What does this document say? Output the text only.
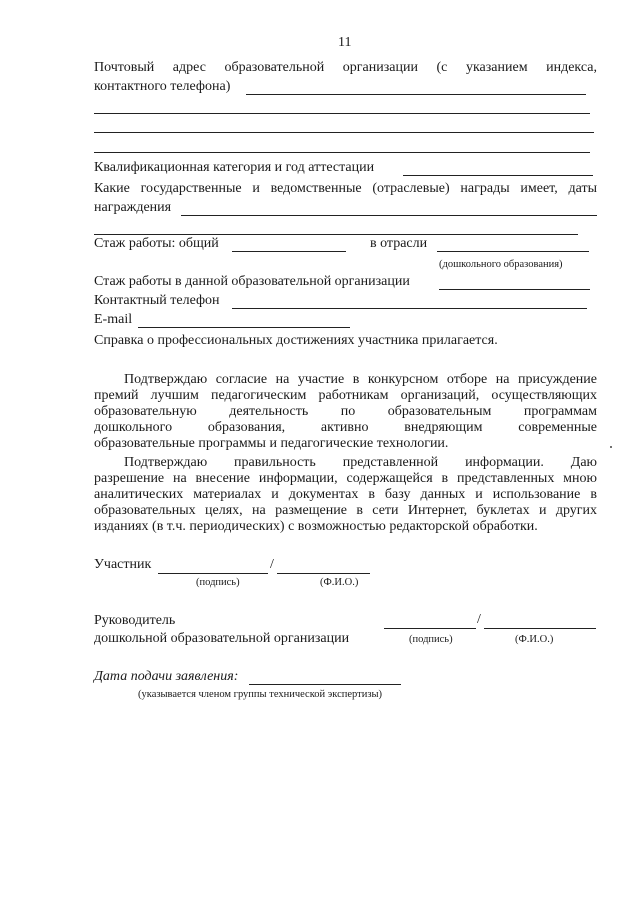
11
Почтовый адрес образовательной организации (с указанием индекса,
контактного телефона)
Квалификационная категория и год аттестации
Какие государственные и ведомственные (отраслевые) награды имеет, даты
награждения
Стаж работы: общий	в отрасли
(дошкольного образования)
Стаж работы в данной образовательной организации
Контактный телефон
E-mail
Справка о профессиональных достижениях участника прилагается.
Подтверждаю согласие на участие в конкурсном отборе на присуждение
премий лучшим педагогическим работникам организаций, осуществляющих
образовательную деятельность по образовательным программам
дошкольного образования, активно внедряющим современные
образовательные программы и педагогические технологии.
Подтверждаю правильность представленной информации. Даю
разрешение на внесение информации, содержащейся в представленных мною
аналитических материалах и документах в базу данных и использование в
образовательных целях, на размещение в сети Интернет, буклетах и других
изданиях (в т.ч. периодических) с возможностью редакторской обработки.
Участник	/
(подпись)	(Ф.И.О.)
Руководитель
дошкольной образовательной организации
/
(подпись)	(Ф.И.О.)
Дата подачи заявления:
(указывается членом группы технической экспертизы)
